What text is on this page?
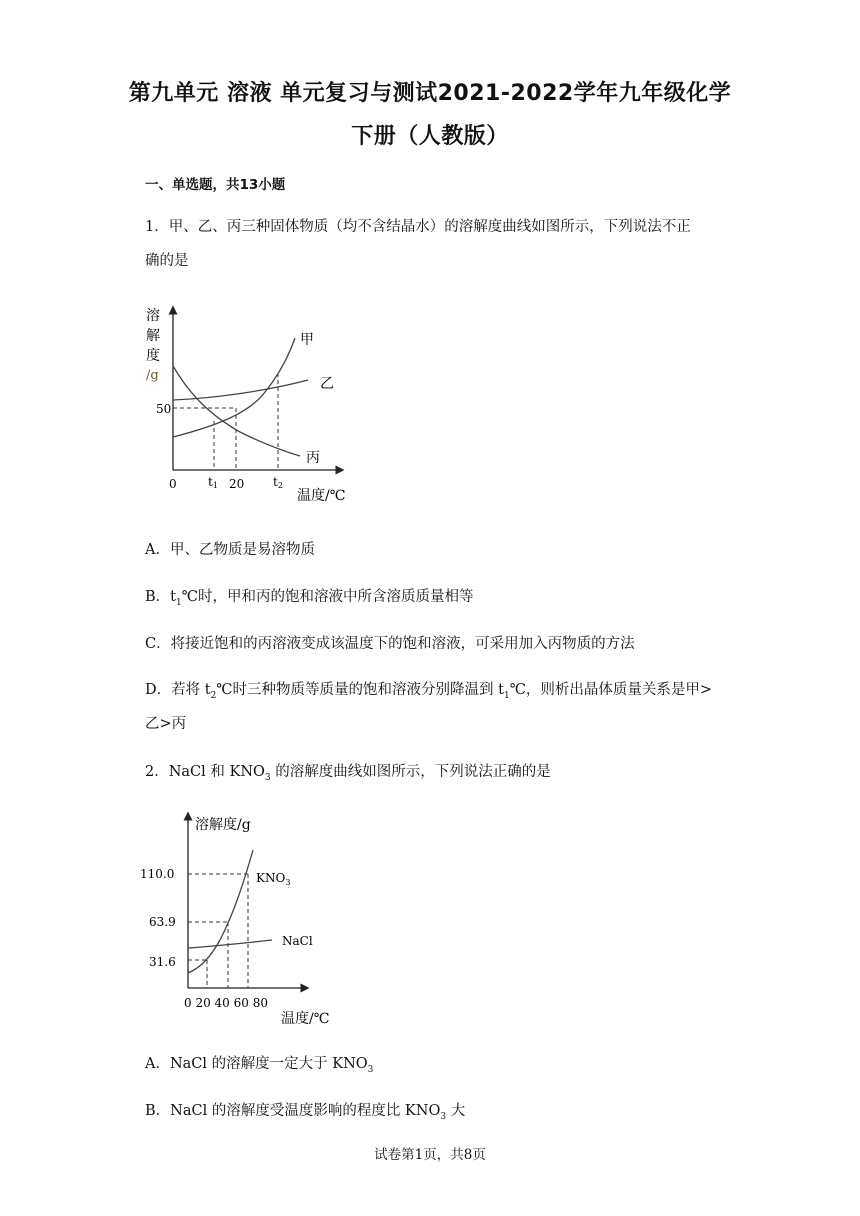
第九单元 溶液 单元复习与测试2021-2022学年九年级化学
下册（人教版）
一、单选题，共13小题
1．甲、乙、丙三种固体物质（均不含结晶水）的溶解度曲线如图所示，下列说法不正
确的是
溶
解
度
/g
甲
乙
丙
50
0	t1 20 t2
温度/℃
A．甲、乙物质是易溶物质
B．$t_1℃$时，甲和丙的饱和溶液中所含溶质质量相等
C．将接近饱和的丙溶液变成该温度下的饱和溶液，可采用加入丙物质的方法
D．若将 $t_2℃$时三种物质等质量的饱和溶液分别降温到 $t_1℃$，则析出晶体质量关系是甲>
乙>丙
2．NaCl 和 $KNO_3$ 的溶解度曲线如图所示，下列说法正确的是
溶解度/g
110.0
63.9
31.6
0 20 40 60 80
温度/℃
$KNO_3$
NaCl
A．NaCl 的溶解度一定大于 $KNO_3$
B．NaCl 的溶解度受温度影响的程度比 $KNO_3$ 大
试卷第1页，共8页
